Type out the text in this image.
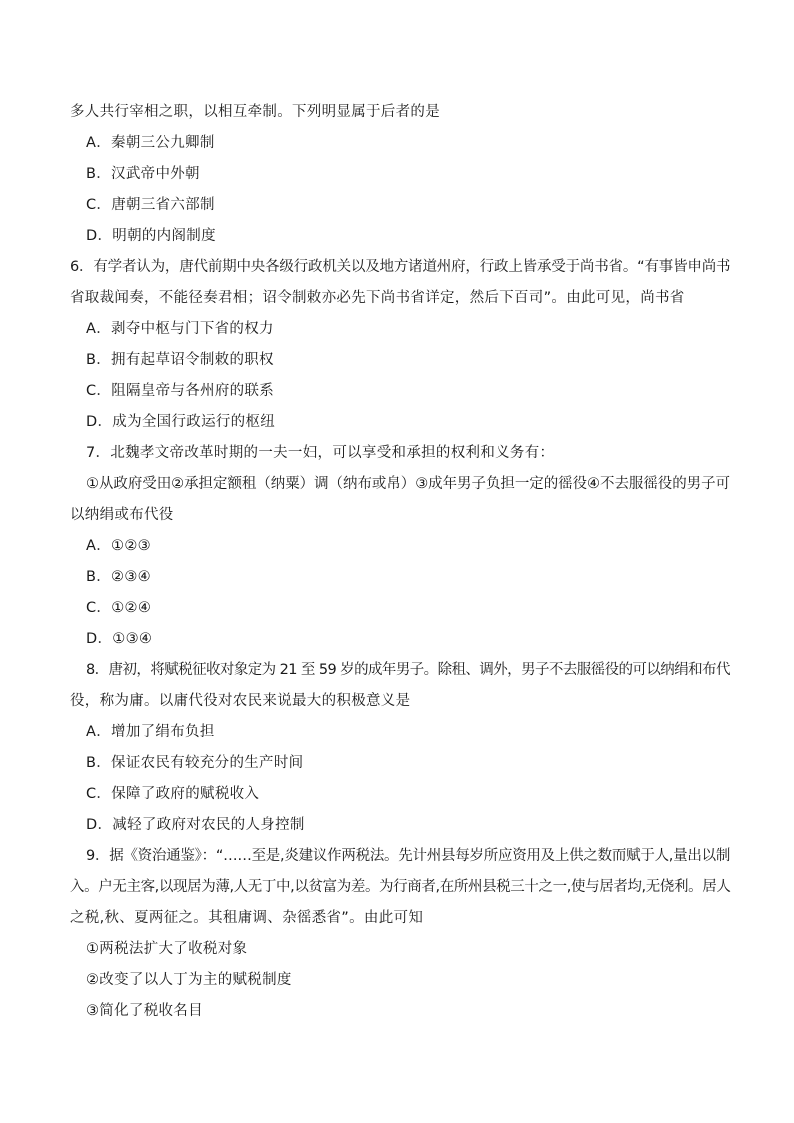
多人共行宰相之职，以相互牵制。下列明显属于后者的是
A．秦朝三公九卿制
B．汉武帝中外朝
C．唐朝三省六部制
D．明朝的内阁制度
6．有学者认为，唐代前期中央各级行政机关以及地方诸道州府，行政上皆承受于尚书省。“有事皆申尚书
省取裁闻奏，不能径奏君相；诏令制敕亦必先下尚书省详定，然后下百司”。由此可见，尚书省
A．剥夺中枢与门下省的权力
B．拥有起草诏令制敕的职权
C．阻隔皇帝与各州府的联系
D．成为全国行政运行的枢纽
7．北魏孝文帝改革时期的一夫一妇，可以享受和承担的权利和义务有：
①从政府受田②承担定额租（纳粟）调（纳布或帛）③成年男子负担一定的徭役④不去服徭役的男子可
以纳绢或布代役
A．①②③
B．②③④
C．①②④
D．①③④
8．唐初，将赋税征收对象定为 21 至 59 岁的成年男子。除租、调外，男子不去服徭役的可以纳绢和布代
役，称为庸。以庸代役对农民来说最大的积极意义是
A．增加了绢布负担
B．保证农民有较充分的生产时间
C．保障了政府的赋税收入
D．减轻了政府对农民的人身控制
9．据《资治通鉴》：“……至是,炎建议作两税法。先计州县每岁所应资用及上供之数而赋于人,量出以制
入。户无主客,以现居为薄,人无丁中,以贫富为差。为行商者,在所州县税三十之一,使与居者均,无侥利。居人
之税,秋、夏两征之。其租庸调、杂徭悉省”。由此可知
①两税法扩大了收税对象
②改变了以人丁为主的赋税制度
③简化了税收名目
